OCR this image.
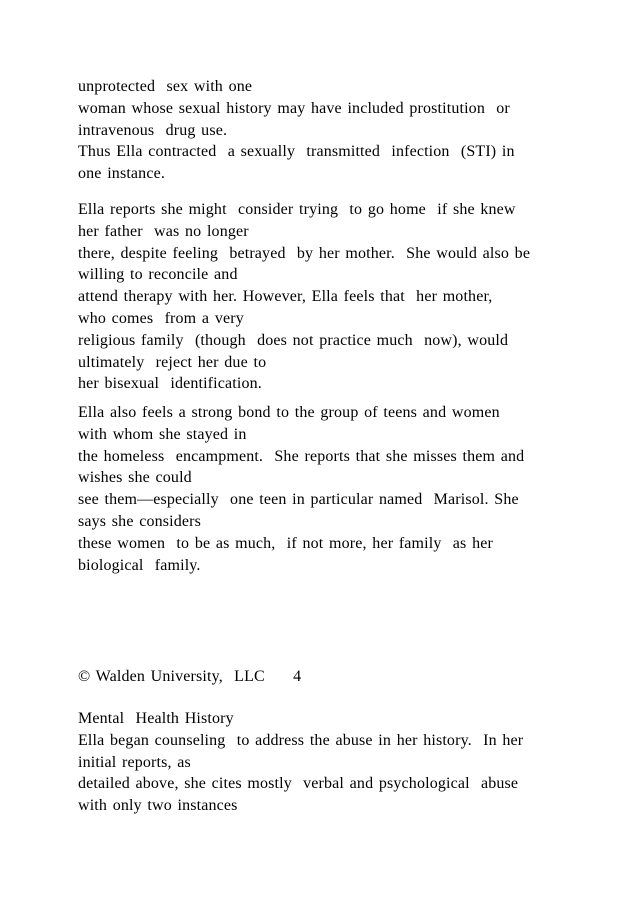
unprotected  sex with one
woman whose sexual history may have included prostitution  or
intravenous  drug use.
Thus Ella contracted  a sexually  transmitted  infection  (STI) in
one instance.
Ella reports she might  consider trying  to go home  if she knew
her father  was no longer
there, despite feeling  betrayed  by her mother.  She would also be
willing to reconcile and
attend therapy with her. However, Ella feels that  her mother,
who comes  from a very
religious family  (though  does not practice much  now), would
ultimately  reject her due to
her bisexual  identification.
Ella also feels a strong bond to the group of teens and women
with whom she stayed in
the homeless  encampment.  She reports that she misses them and
wishes she could
see them—especially  one teen in particular named  Marisol. She
says she considers
these women  to be as much,  if not more, her family  as her
biological  family.
© Walden University,  LLC 4
Mental  Health History
Ella began counseling  to address the abuse in her history.  In her
initial reports, as
detailed above, she cites mostly  verbal and psychological  abuse
with only two instances
